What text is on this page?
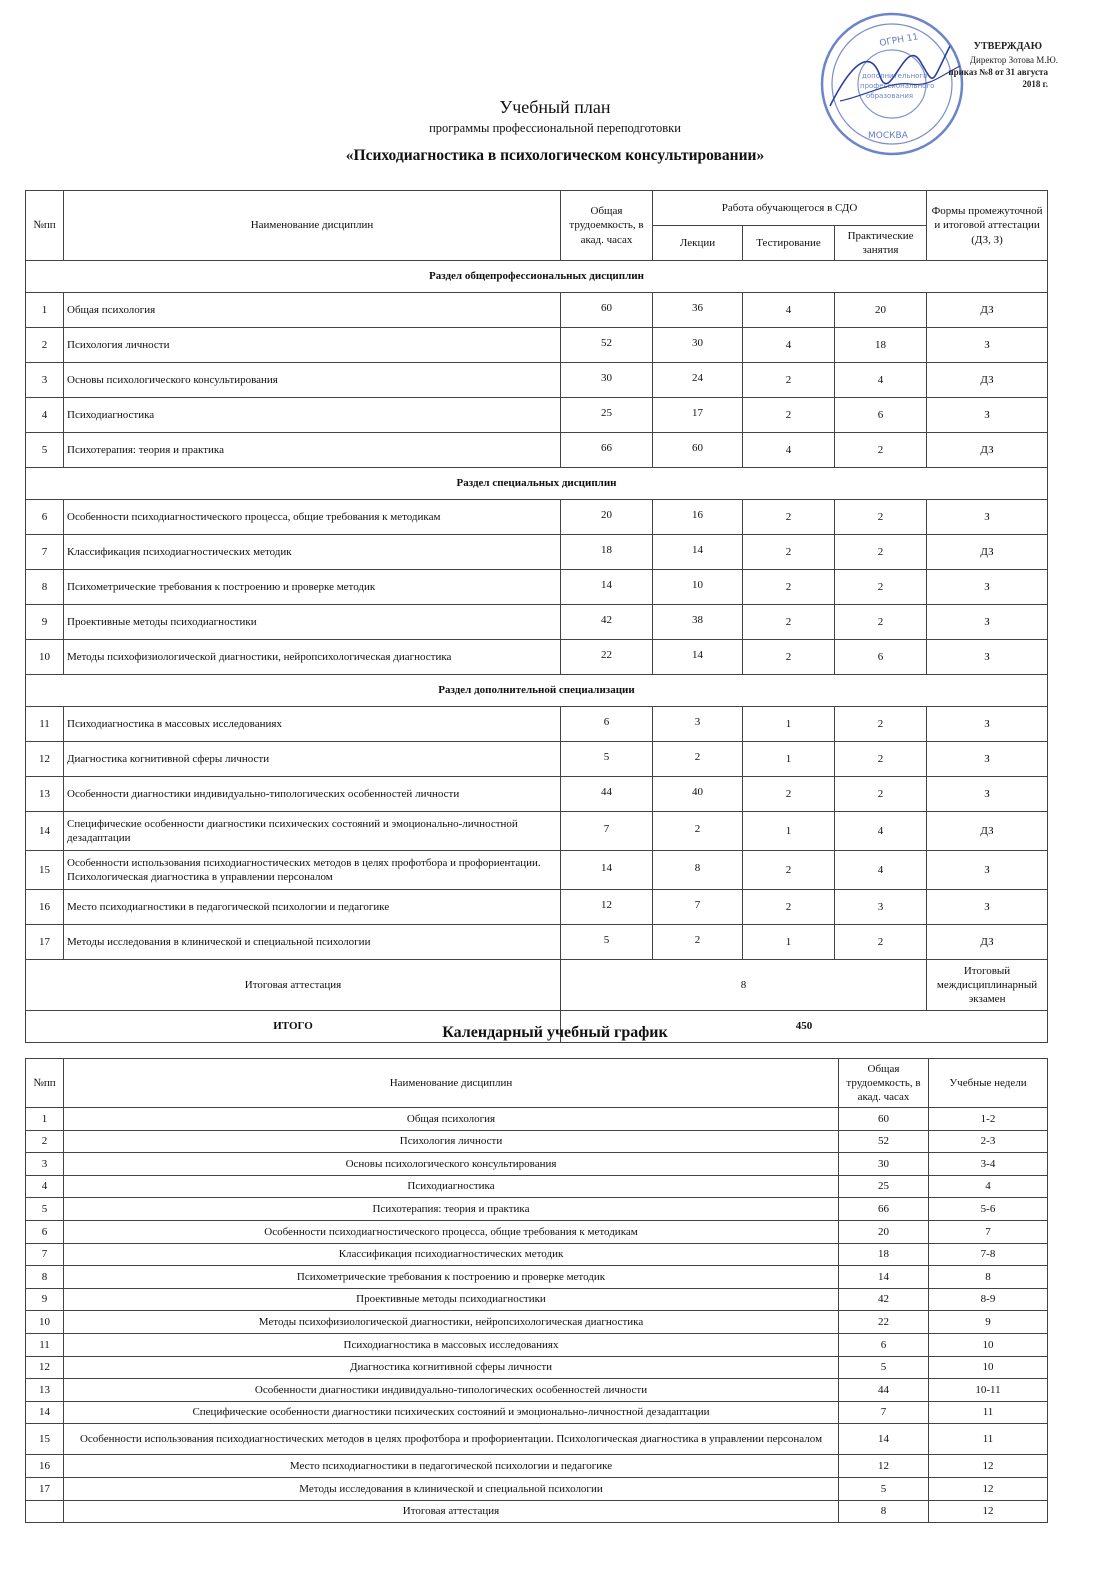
ОГРН 11
МОСКВА
дополнительного
профессионального
образования
УТВЕРЖДАЮ
Директор Зотова М.Ю.
приказ №8 от 31 августа 2018 г.
Учебный план
программы профессиональной переподготовки
«Психодиагностика в психологическом консультировании»
№пп	Наименование дисциплин	Общая трудоемкость, в акад. часах	Работа обучающегося в СДО			Формы промежуточной и итоговой аттестации (ДЗ, З)
			Лекции	Тестирование	Практические занятия	
Раздел общепрофессиональных дисциплин						
1	Общая психология	60	36	4	20	ДЗ
2	Психология личности	52	30	4	18	З
3	Основы психологического консультирования	30	24	2	4	ДЗ
4	Психодиагностика	25	17	2	6	З
5	Психотерапия: теория и практика	66	60	4	2	ДЗ
Раздел специальных дисциплин						
6	Особенности психодиагностического процесса, общие требования к методикам	20	16	2	2	З
7	Классификация психодиагностических методик	18	14	2	2	ДЗ
8	Психометрические требования к построению и проверке методик	14	10	2	2	З
9	Проективные методы психодиагностики	42	38	2	2	З
10	Методы психофизиологической диагностики, нейропсихологическая диагностика	22	14	2	6	З
Раздел дополнительной специализации						
11	Психодиагностика в массовых исследованиях	6	3	1	2	З
12	Диагностика когнитивной сферы личности	5	2	1	2	З
13	Особенности диагностики индивидуально-типологических особенностей личности	44	40	2	2	З
14	Специфические особенности диагностики психических состояний и эмоционально-личностной дезадаптации	7	2	1	4	ДЗ
15	Особенности использования психодиагностических методов в целях профотбора и профориентации. Психологическая диагностика в управлении персоналом	14	8	2	4	З
16	Место психодиагностики в педагогической психологии и педагогике	12	7	2	3	З
17	Методы исследования в клинической и специальной психологии	5	2	1	2	ДЗ
Итоговая аттестация		8				Итоговый междисциплинарный экзамен
ИТОГО		450				
Календарный учебный график
№пп	Наименование дисциплин	Общая трудоемкость, в акад. часах	Учебные недели
1	Общая психология	60	1-2
2	Психология личности	52	2-3
3	Основы психологического консультирования	30	3-4
4	Психодиагностика	25	4
5	Психотерапия: теория и практика	66	5-6
6	Особенности психодиагностического процесса, общие требования к методикам	20	7
7	Классификация психодиагностических методик	18	7-8
8	Психометрические требования к построению и проверке методик	14	8
9	Проективные методы психодиагностики	42	8-9
10	Методы психофизиологической диагностики, нейропсихологическая диагностика	22	9
11	Психодиагностика в массовых исследованиях	6	10
12	Диагностика когнитивной сферы личности	5	10
13	Особенности диагностики индивидуально-типологических особенностей личности	44	10-11
14	Специфические особенности диагностики психических состояний и эмоционально-личностной дезадаптации	7	11
15	Особенности использования психодиагностических методов в целях профотбора и профориентации. Психологическая диагностика в управлении персоналом	14	11
16	Место психодиагностики в педагогической психологии и педагогике	12	12
17	Методы исследования в клинической и специальной психологии	5	12
	Итоговая аттестация	8	12
